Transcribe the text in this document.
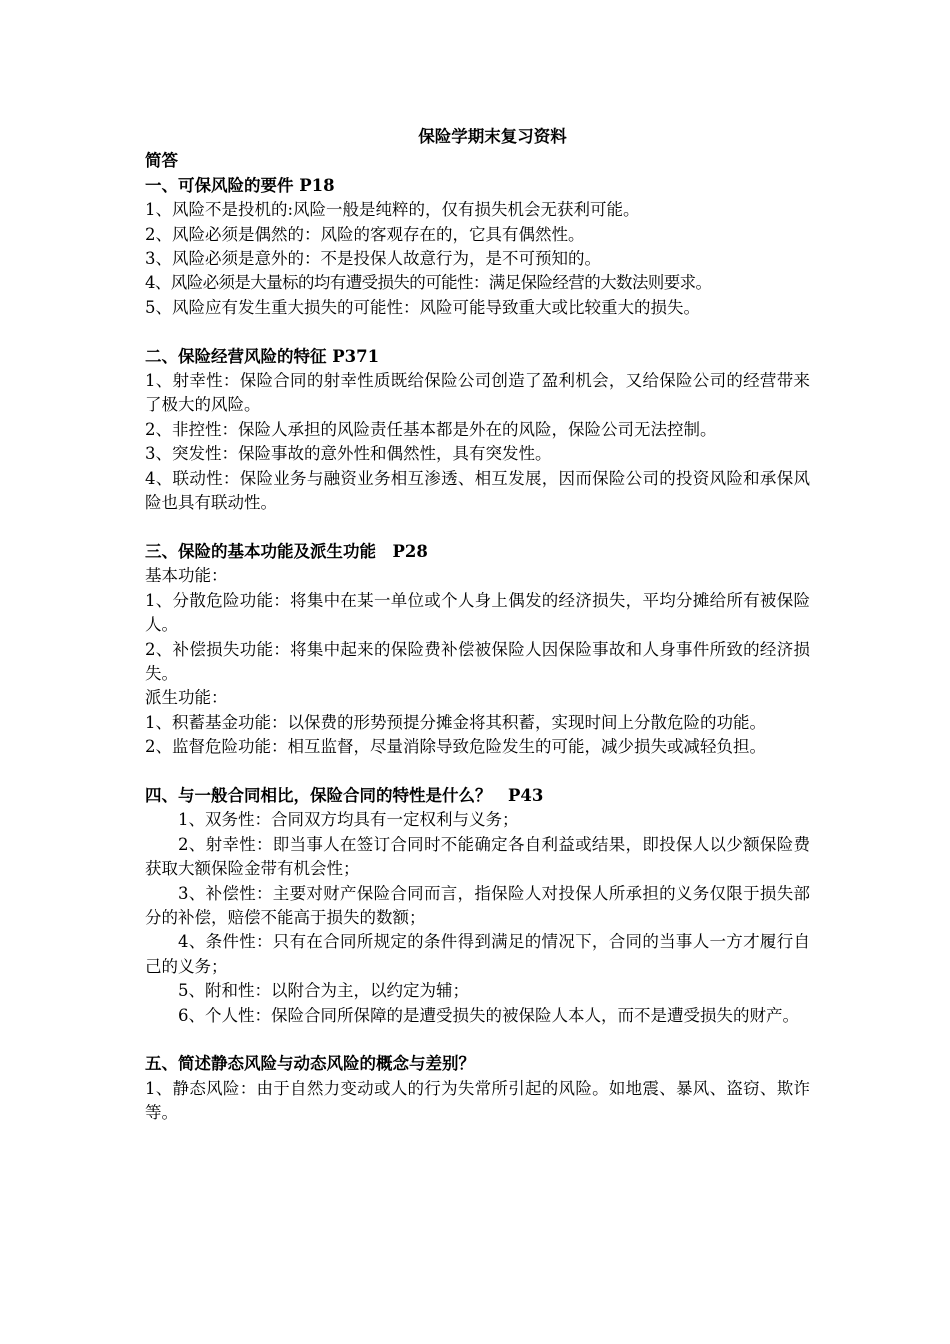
保险学期末复习资料
简答
一、可保风险的要件 P18
1、风险不是投机的:风险一般是纯粹的，仅有损失机会无获利可能。
2、风险必须是偶然的：风险的客观存在的，它具有偶然性。
3、风险必须是意外的：不是投保人故意行为，是不可预知的。
4、风险必须是大量标的均有遭受损失的可能性：满足保险经营的大数法则要求。
5、风险应有发生重大损失的可能性：风险可能导致重大或比较重大的损失。
二、保险经营风险的特征 P371
1、射幸性：保险合同的射幸性质既给保险公司创造了盈利机会，又给保险公司的经营带来了极大的风险。
2、非控性：保险人承担的风险责任基本都是外在的风险，保险公司无法控制。
3、突发性：保险事故的意外性和偶然性，具有突发性。
4、联动性：保险业务与融资业务相互渗透、相互发展，因而保险公司的投资风险和承保风险也具有联动性。
三、保险的基本功能及派生功能　P28
基本功能：
1、分散危险功能：将集中在某一单位或个人身上偶发的经济损失，平均分摊给所有被保险人。
2、补偿损失功能：将集中起来的保险费补偿被保险人因保险事故和人身事件所致的经济损失。
派生功能：
1、积蓄基金功能：以保费的形势预提分摊金将其积蓄，实现时间上分散危险的功能。
2、监督危险功能：相互监督，尽量消除导致危险发生的可能，减少损失或减轻负担。
四、与一般合同相比，保险合同的特性是什么？　P43
1、双务性：合同双方均具有一定权利与义务；
2、射幸性：即当事人在签订合同时不能确定各自利益或结果，即投保人以少额保险费获取大额保险金带有机会性；
3、补偿性：主要对财产保险合同而言，指保险人对投保人所承担的义务仅限于损失部分的补偿，赔偿不能高于损失的数额；
4、条件性：只有在合同所规定的条件得到满足的情况下，合同的当事人一方才履行自己的义务；
5、附和性：以附合为主，以约定为辅；
6、个人性：保险合同所保障的是遭受损失的被保险人本人，而不是遭受损失的财产。
五、简述静态风险与动态风险的概念与差别？
1、静态风险：由于自然力变动或人的行为失常所引起的风险。如地震、暴风、盗窃、欺诈等。
